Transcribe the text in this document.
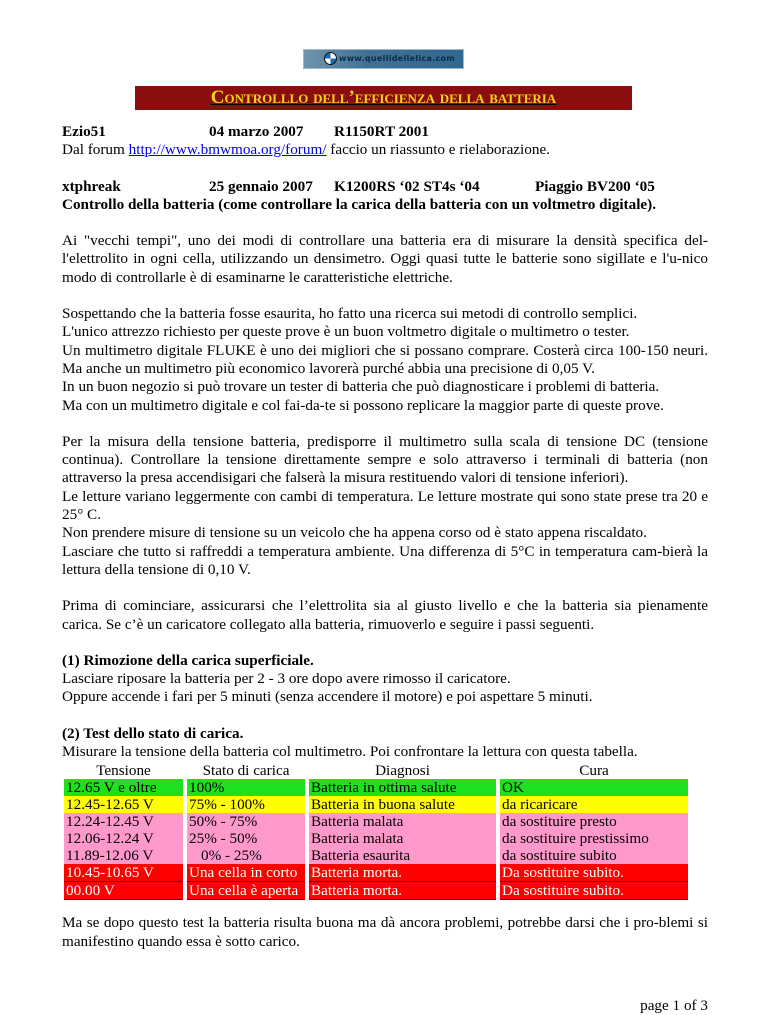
www.quellidellelica.com
Controlllo dell’efficienza della batteria
Ezio51	04 marzo 2007 R1150RT 2001
Dal forum http://www.bmwmoa.org/forum/ faccio un riassunto e rielaborazione.
xtphreak	25 gennaio 2007 K1200RS ‘02 ST4s ‘04	Piaggio BV200 ‘05
Controllo della batteria (come controllare la carica della batteria con un voltmetro digitale).
Ai "vecchi tempi", uno dei modi di controllare una batteria era di misurare la densità specifica del-l'elettrolito in ogni cella, utilizzando un densimetro. Oggi quasi tutte le batterie sono sigillate e l'u-nico modo di controllarle è di esaminarne le caratteristiche elettriche.
Sospettando che la batteria fosse esaurita, ho fatto una ricerca sui metodi di controllo semplici.
L'unico attrezzo richiesto per queste prove è un buon voltmetro digitale o multimetro o tester.
Un multimetro digitale FLUKE è uno dei migliori che si possano comprare. Costerà circa 100-150 neuri. Ma anche un multimetro più economico lavorerà purché abbia una precisione di 0,05 V.
In un buon negozio si può trovare un tester di batteria che può diagnosticare i problemi di batteria.
Ma con un multimetro digitale e col fai-da-te si possono replicare la maggior parte di queste prove.
Per la misura della tensione batteria, predisporre il multimetro sulla scala di tensione DC (tensione continua). Controllare la tensione direttamente sempre e solo attraverso i terminali di batteria (non attraverso la presa accendisigari che falserà la misura restituendo valori di tensione inferiori).
Le letture variano leggermente con cambi di temperatura. Le letture mostrate qui sono state prese tra 20 e 25° C.
Non prendere misure di tensione su un veicolo che ha appena corso od è stato appena riscaldato.
Lasciare che tutto si raffreddi a temperatura ambiente. Una differenza di 5°C in temperatura cam-bierà la lettura della tensione di 0,10 V.
Prima di cominciare, assicurarsi che l’elettrolita sia al giusto livello e che la batteria sia pienamente carica. Se c’è un caricatore collegato alla batteria, rimuoverlo e seguire i passi seguenti.
(1) Rimozione della carica superficiale.
Lasciare riposare la batteria per 2 - 3 ore dopo avere rimosso il caricatore.
Oppure accende i fari per 5 minuti (senza accendere il motore) e poi aspettare 5 minuti.
(2) Test dello stato di carica.
Misurare la tensione della batteria col multimetro. Poi confrontare la lettura con questa tabella.
Tensione	Stato di carica	Diagnosi	Cura
12.65 V e oltre	100%	Batteria in ottima salute	OK
12.45-12.65 V	75% - 100%	Batteria in buona salute	da ricaricare
12.24-12.45 V	50% - 75%	Batteria malata	da sostituire presto
12.06-12.24 V	25% - 50%	Batteria malata	da sostituire prestissimo
11.89-12.06 V	0% - 25%	Batteria esaurita	da sostituire subito
10.45-10.65 V	Una cella in corto	Batteria morta.	Da sostituire subito.
00.00 V	Una cella è aperta	Batteria morta.	Da sostituire subito.
Ma se dopo questo test la batteria risulta buona ma dà ancora problemi, potrebbe darsi che i pro-blemi si manifestino quando essa è sotto carico.
page 1 of 3
